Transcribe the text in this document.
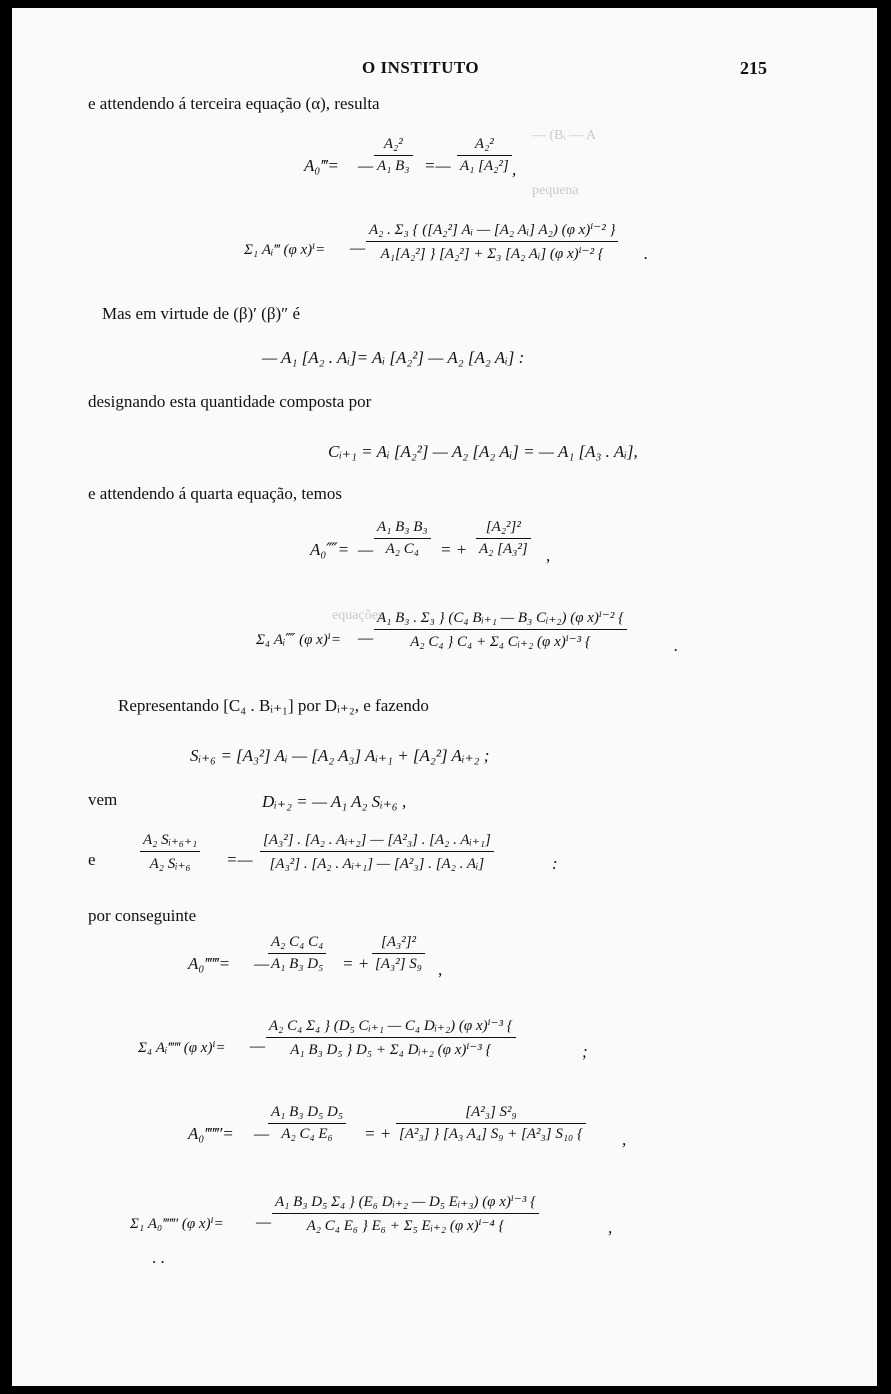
— (Bᵢ — A
pequena
equações
O INSTITUTO	215
e attendendo á terceira equação (α), resulta
A₀‴= —
A₂²
A₁ B₃ =—
A₂²
A₁ [A₂²] ,
Σ₁ Aᵢ‴ (φ x)ⁱ= —
A₂ . Σ₃ { ([A₂²] Aᵢ — [A₂ Aᵢ] A₂) (φ x)ⁱ⁻² }
A₁[A₂²] } [A₂²] + Σ₃ [A₂ Aᵢ] (φ x)ⁱ⁻² { .
Mas em virtude de (β)′ (β)″ é
— A₁ [A₂ . Aᵢ]= Aᵢ [A₂²] — A₂ [A₂ Aᵢ] :
designando esta quantidade composta por
Cᵢ₊₁ = Aᵢ [A₂²] — A₂ [A₂ Aᵢ] = — A₁ [A₃ . Aᵢ],
e attendendo á quarta equação, temos
A₀⁗= —
A₁ B₃ B₃
A₂ C₄ = +
[A₂²]²
A₂ [A₃²] ,
Σ₄ Aᵢ⁗ (φ x)ⁱ= —
A₁ B₃ . Σ₃ } (C₄ Bᵢ₊₁ — B₃ Cᵢ₊₂) (φ x)ⁱ⁻² {
A₂ C₄ } C₄ + Σ₄ Cᵢ₊₂ (φ x)ⁱ⁻³ {	.
Representando [C₄ . Bᵢ₊₁] por Dᵢ₊₂, e fazendo
Sᵢ₊₆ = [A₃²] Aᵢ — [A₂ A₃] Aᵢ₊₁ + [A₂²] Aᵢ₊₂ ;
vem	Dᵢ₊₂ = — A₁ A₂ Sᵢ₊₆ ,
e
A₂ Sᵢ₊₆₊₁
A₂ Sᵢ₊₆ =—
[A₃²] . [A₂ . Aᵢ₊₂] — [A²₃] . [A₂ . Aᵢ₊₁]
[A₃²] . [A₂ . Aᵢ₊₁] — [A²₃] . [A₂ . Aᵢ]	:
por conseguinte
A₀‴‴= —
A₂ C₄ C₄
A₁ B₃ D₅ = +
[A₃²]²
[A₃²] S₉ ,
Σ₄ Aᵢ‴‴ (φ x)ⁱ= —
A₂ C₄ Σ₄ } (D₅ Cᵢ₊₁ — C₄ Dᵢ₊₂) (φ x)ⁱ⁻³ {
A₁ B₃ D₅ } D₅ + Σ₄ Dᵢ₊₂ (φ x)ⁱ⁻³ {	;
A₀‴‴′= —
A₁ B₃ D₅ D₅
A₂ C₄ E₆ = +
[A²₃] S²₉
[A²₃] } [A₃ A₄] S₉ + [A²₃] S₁₀ { ,
Σ₁ A₀‴‴′ (φ x)ⁱ= —
A₁ B₃ D₅ Σ₄ } (E₆ Dᵢ₊₂ — D₅ Eᵢ₊₃) (φ x)ⁱ⁻³ {
A₂ C₄ E₆ } E₆ + Σ₅ Eᵢ₊₂ (φ x)ⁱ⁻⁴ {	,
. .
